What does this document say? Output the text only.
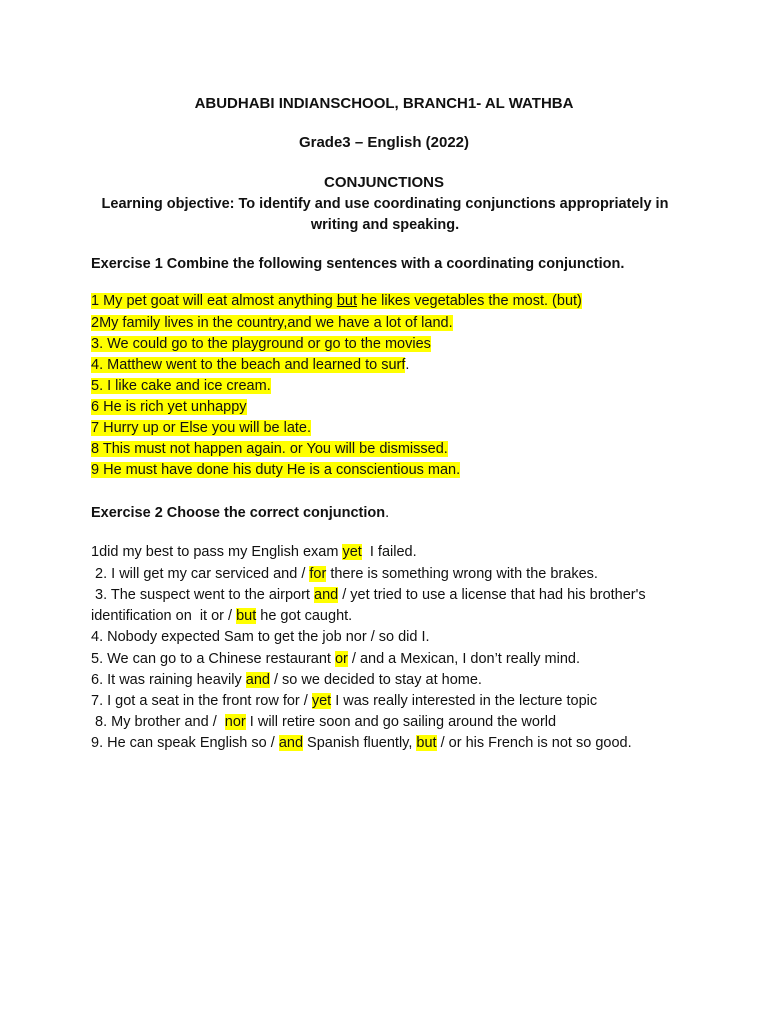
ABUDHABI INDIANSCHOOL, BRANCH1- AL WATHBA
Grade3 – English (2022)
CONJUNCTIONS
Learning objective: To identify and use coordinating conjunctions appropriately in writing and speaking.
Exercise 1 Combine the following sentences with a coordinating conjunction.
1 My pet goat will eat almost anything but he likes vegetables the most. (but)
2My family lives in the country,and we have a lot of land.
3. We could go to the playground or go to the movies
4. Matthew went to the beach and learned to surf.
5. I like cake and ice cream.
6 He is rich yet unhappy
7 Hurry up or Else you will be late.
8 This must not happen again. or You will be dismissed.
9 He must have done his duty He is a conscientious man.
Exercise 2 Choose the correct conjunction.
1did my best to pass my English exam yet  I failed.
2. I will get my car serviced and / for there is something wrong with the brakes.
3. The suspect went to the airport and / yet tried to use a license that had his brother's
identification on  it or / but he got caught.
4. Nobody expected Sam to get the job nor / so did I.
5. We can go to a Chinese restaurant or / and a Mexican, I don’t really mind.
6. It was raining heavily and / so we decided to stay at home.
7. I got a seat in the front row for / yet I was really interested in the lecture topic
8. My brother and /  nor I will retire soon and go sailing around the world
9. He can speak English so / and Spanish fluently, but / or his French is not so good.
